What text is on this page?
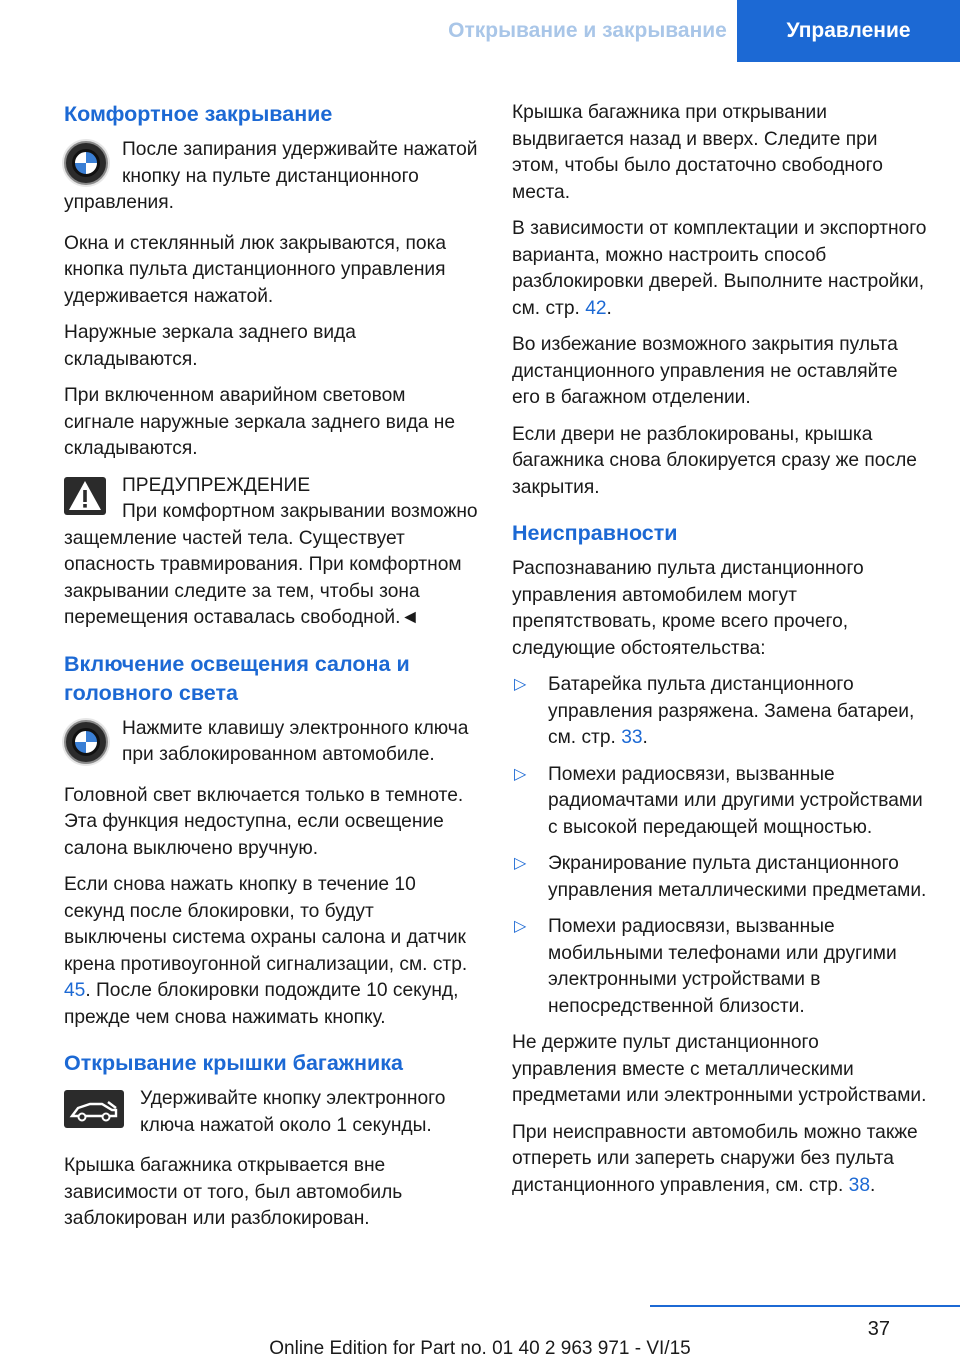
Открывание и закрывание	Управление
Комфортное закрывание
После запирания удерживайте нажатой кнопку на пульте дистанционного управления.

Окна и стеклянный люк закрываются, пока кнопка пульта дистанционного управления удерживается нажатой.

Наружные зеркала заднего вида складываются.

При включенном аварийном световом сигнале наружные зеркала заднего вида не складываются.

ПРЕДУПРЕЖДЕНИЕ
При комфортном закрывании возможно защемление частей тела. Существует опасность травмирования. При комфортном закрывании следите за тем, чтобы зона перемещения оставалась свободной.◄
Включение освещения салона и головного света
Нажмите клавишу электронного ключа при заблокированном автомобиле.

Головной свет включается только в темноте. Эта функция недоступна, если освещение салона выключено вручную.

Если снова нажать кнопку в течение 10 секунд после блокировки, то будут выключены система охраны салона и датчик крена противоугонной сигнализации, см. стр. 45. После блокировки подождите 10 секунд, прежде чем снова нажимать кнопку.

Открывание крышки багажника
Удерживайте кнопку электронного ключа нажатой около 1 секунды.

Крышка багажника открывается вне зависимости от того, был автомобиль заблокирован или разблокирован.

Крышка багажника при открывании выдвигается назад и вверх. Следите при этом, чтобы было достаточно свободного места.

В зависимости от комплектации и экспортного варианта, можно настроить способ разблокировки дверей. Выполните настройки, см. стр. 42.

Во избежание возможного закрытия пульта дистанционного управления не оставляйте его в багажном отделении.

Если двери не разблокированы, крышка багажника снова блокируется сразу же после закрытия.

Неисправности

Распознаванию пульта дистанционного управления автомобилем могут препятствовать, кроме всего прочего, следующие обстоятельства:

▷ Батарейка пульта дистанционного управления разряжена. Замена батареи, см. стр. 33.
▷ Помехи радиосвязи, вызванные радиомачтами или другими устройствами с высокой передающей мощностью.
▷ Экранирование пульта дистанционного управления металлическими предметами.
▷ Помехи радиосвязи, вызванные мобильными телефонами или другими электронными устройствами в непосредственной близости.

Не держите пульт дистанционного управления вместе с металлическими предметами или электронными устройствами.

При неисправности автомобиль можно также отпереть или запереть снаружи без пульта дистанционного управления, см. стр. 38.

37
Online Edition for Part no. 01 40 2 963 971 - VI/15
